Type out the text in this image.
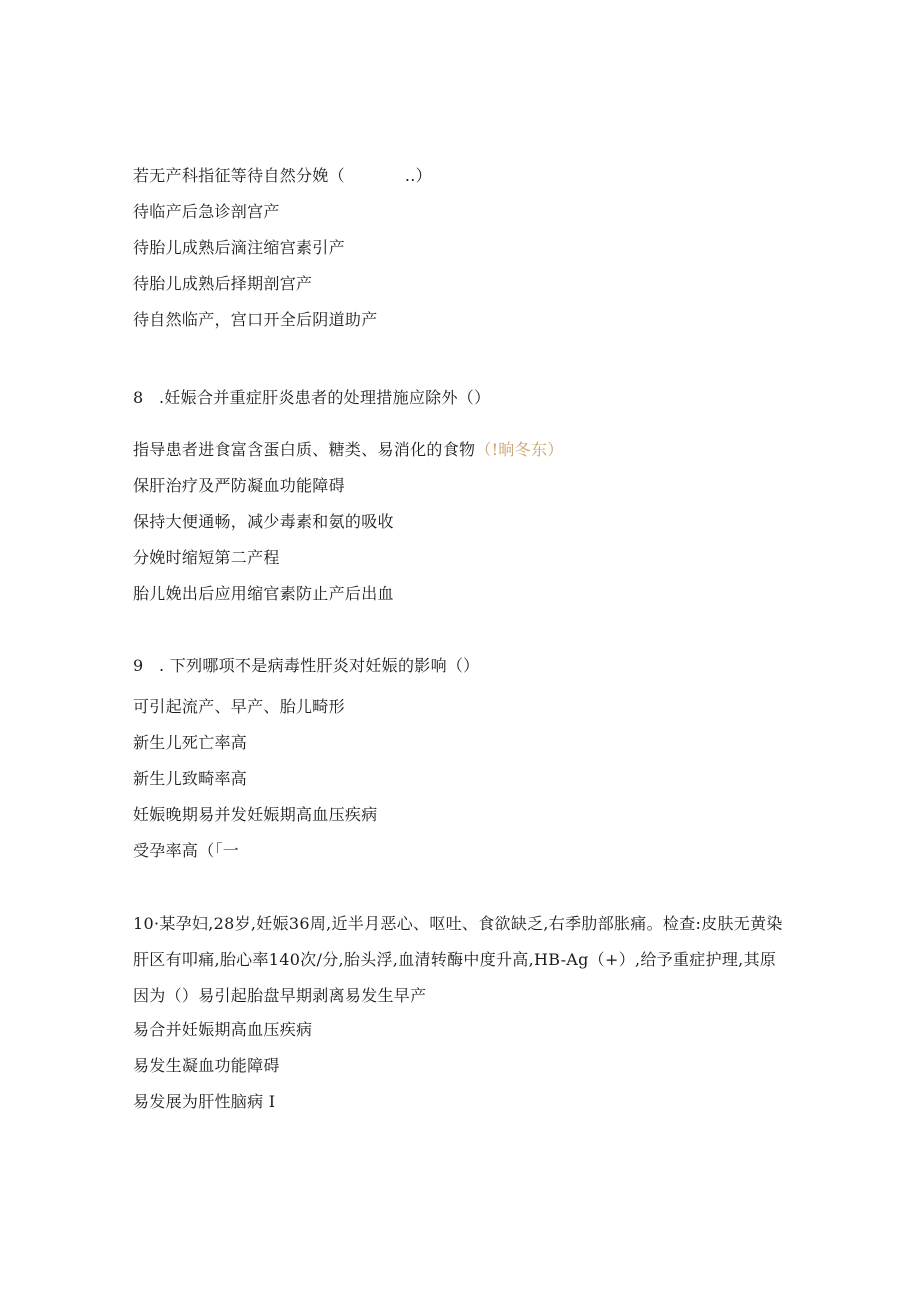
若无产科指征等待自然分娩（	..）
待临产后急诊剖宫产
待胎儿成熟后滴注缩宫素引产
待胎儿成熟后择期剖宫产
待自然临产，宫口开全后阴道助产
8 .妊娠合并重症肝炎患者的处理措施应除外（）
指导患者进食富含蛋白质、糖类、易消化的食物（!晌冬东）
保肝治疗及严防凝血功能障碍
保持大便通畅，减少毒素和氨的吸收
分娩时缩短第二产程
胎儿娩出后应用缩官素防止产后出血
9 . 下列哪项不是病毒性肝炎对妊娠的影响（）
可引起流产、早产、胎儿畸形
新生儿死亡率高
新生儿致畸率高
妊娠晚期易并发妊娠期高血压疾病
受孕率高（「一
10·某孕妇,28岁,妊娠36周,近半月恶心、呕吐、食欲缺乏,右季肋部胀痛。检查:皮肤无黄染肝区有叩痛,胎心率140次/分,胎头浮,血清转酶中度升高,HB-Ag（+）,给予重症护理,其原因为（）易引起胎盘早期剥离易发生早产
易合并妊娠期高血压疾病
易发生凝血功能障碍
易发展为肝性脑病 I
